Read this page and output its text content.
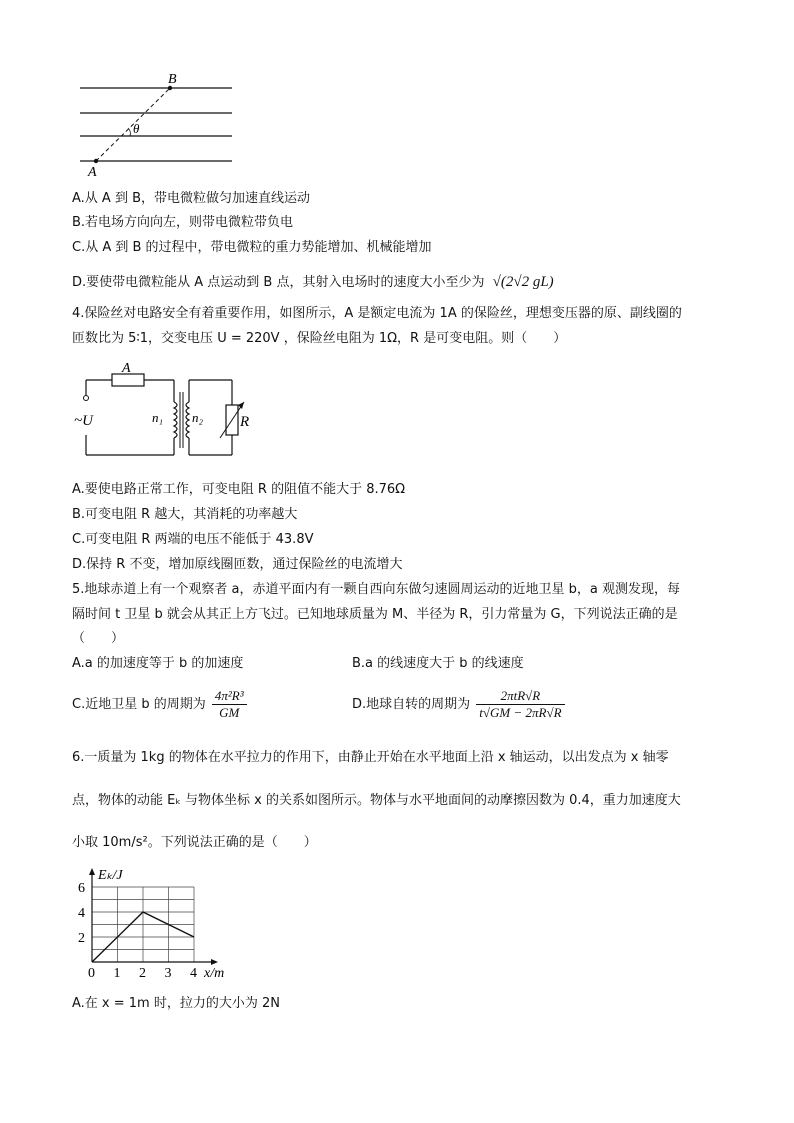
B
A
θ
A.从 A 到 B，带电微粒做匀加速直线运动
B.若电场方向向左，则带电微粒带负电
C.从 A 到 B 的过程中，带电微粒的重力势能增加、机械能增加
D.要使带电微粒能从 A 点运动到 B 点，其射入电场时的速度大小至少为 √(2√2 gL)
4.保险丝对电路安全有着重要作用，如图所示，A 是额定电流为 1A 的保险丝，理想变压器的原、副线圈的
匝数比为 5∶1，交变电压 U = 220V ，保险丝电阻为 1Ω，R 是可变电阻。则（　　）
A
~U	n₁ n₂ R
A.要使电路正常工作，可变电阻 R 的阻值不能大于 8.76Ω
B.可变电阻 R 越大，其消耗的功率越大
C.可变电阻 R 两端的电压不能低于 43.8V
D.保持 R 不变，增加原线圈匝数，通过保险丝的电流增大
5.地球赤道上有一个观察者 a，赤道平面内有一颗自西向东做匀速圆周运动的近地卫星 b，a 观测发现，每
隔时间 t 卫星 b 就会从其正上方飞过。已知地球质量为 M、半径为 R，引力常量为 G，下列说法正确的是
（　　）
A.a 的加速度等于 b 的加速度	B.a 的线速度大于 b 的线速度
C.近地卫星 b 的周期为 $\frac{\text{4π²R³}}{GM}$	D.地球自转的周期为 $\frac{\text{2πtR√R}}{t√GM - 2\pi R√R}$
6.一质量为 1kg 的物体在水平拉力的作用下，由静止开始在水平地面上沿 x 轴运动，以出发点为 x 轴零
点，物体的动能 Eₖ 与物体坐标 x 的关系如图所示。物体与水平地面间的动摩擦因数为 0.4，重力加速度大
小取 10m/s²。下列说法正确的是（　　）
0 1 2 3 4
2
4
6
Eₖ/J
x/m
A.在 x = 1m 时，拉力的大小为 2N
